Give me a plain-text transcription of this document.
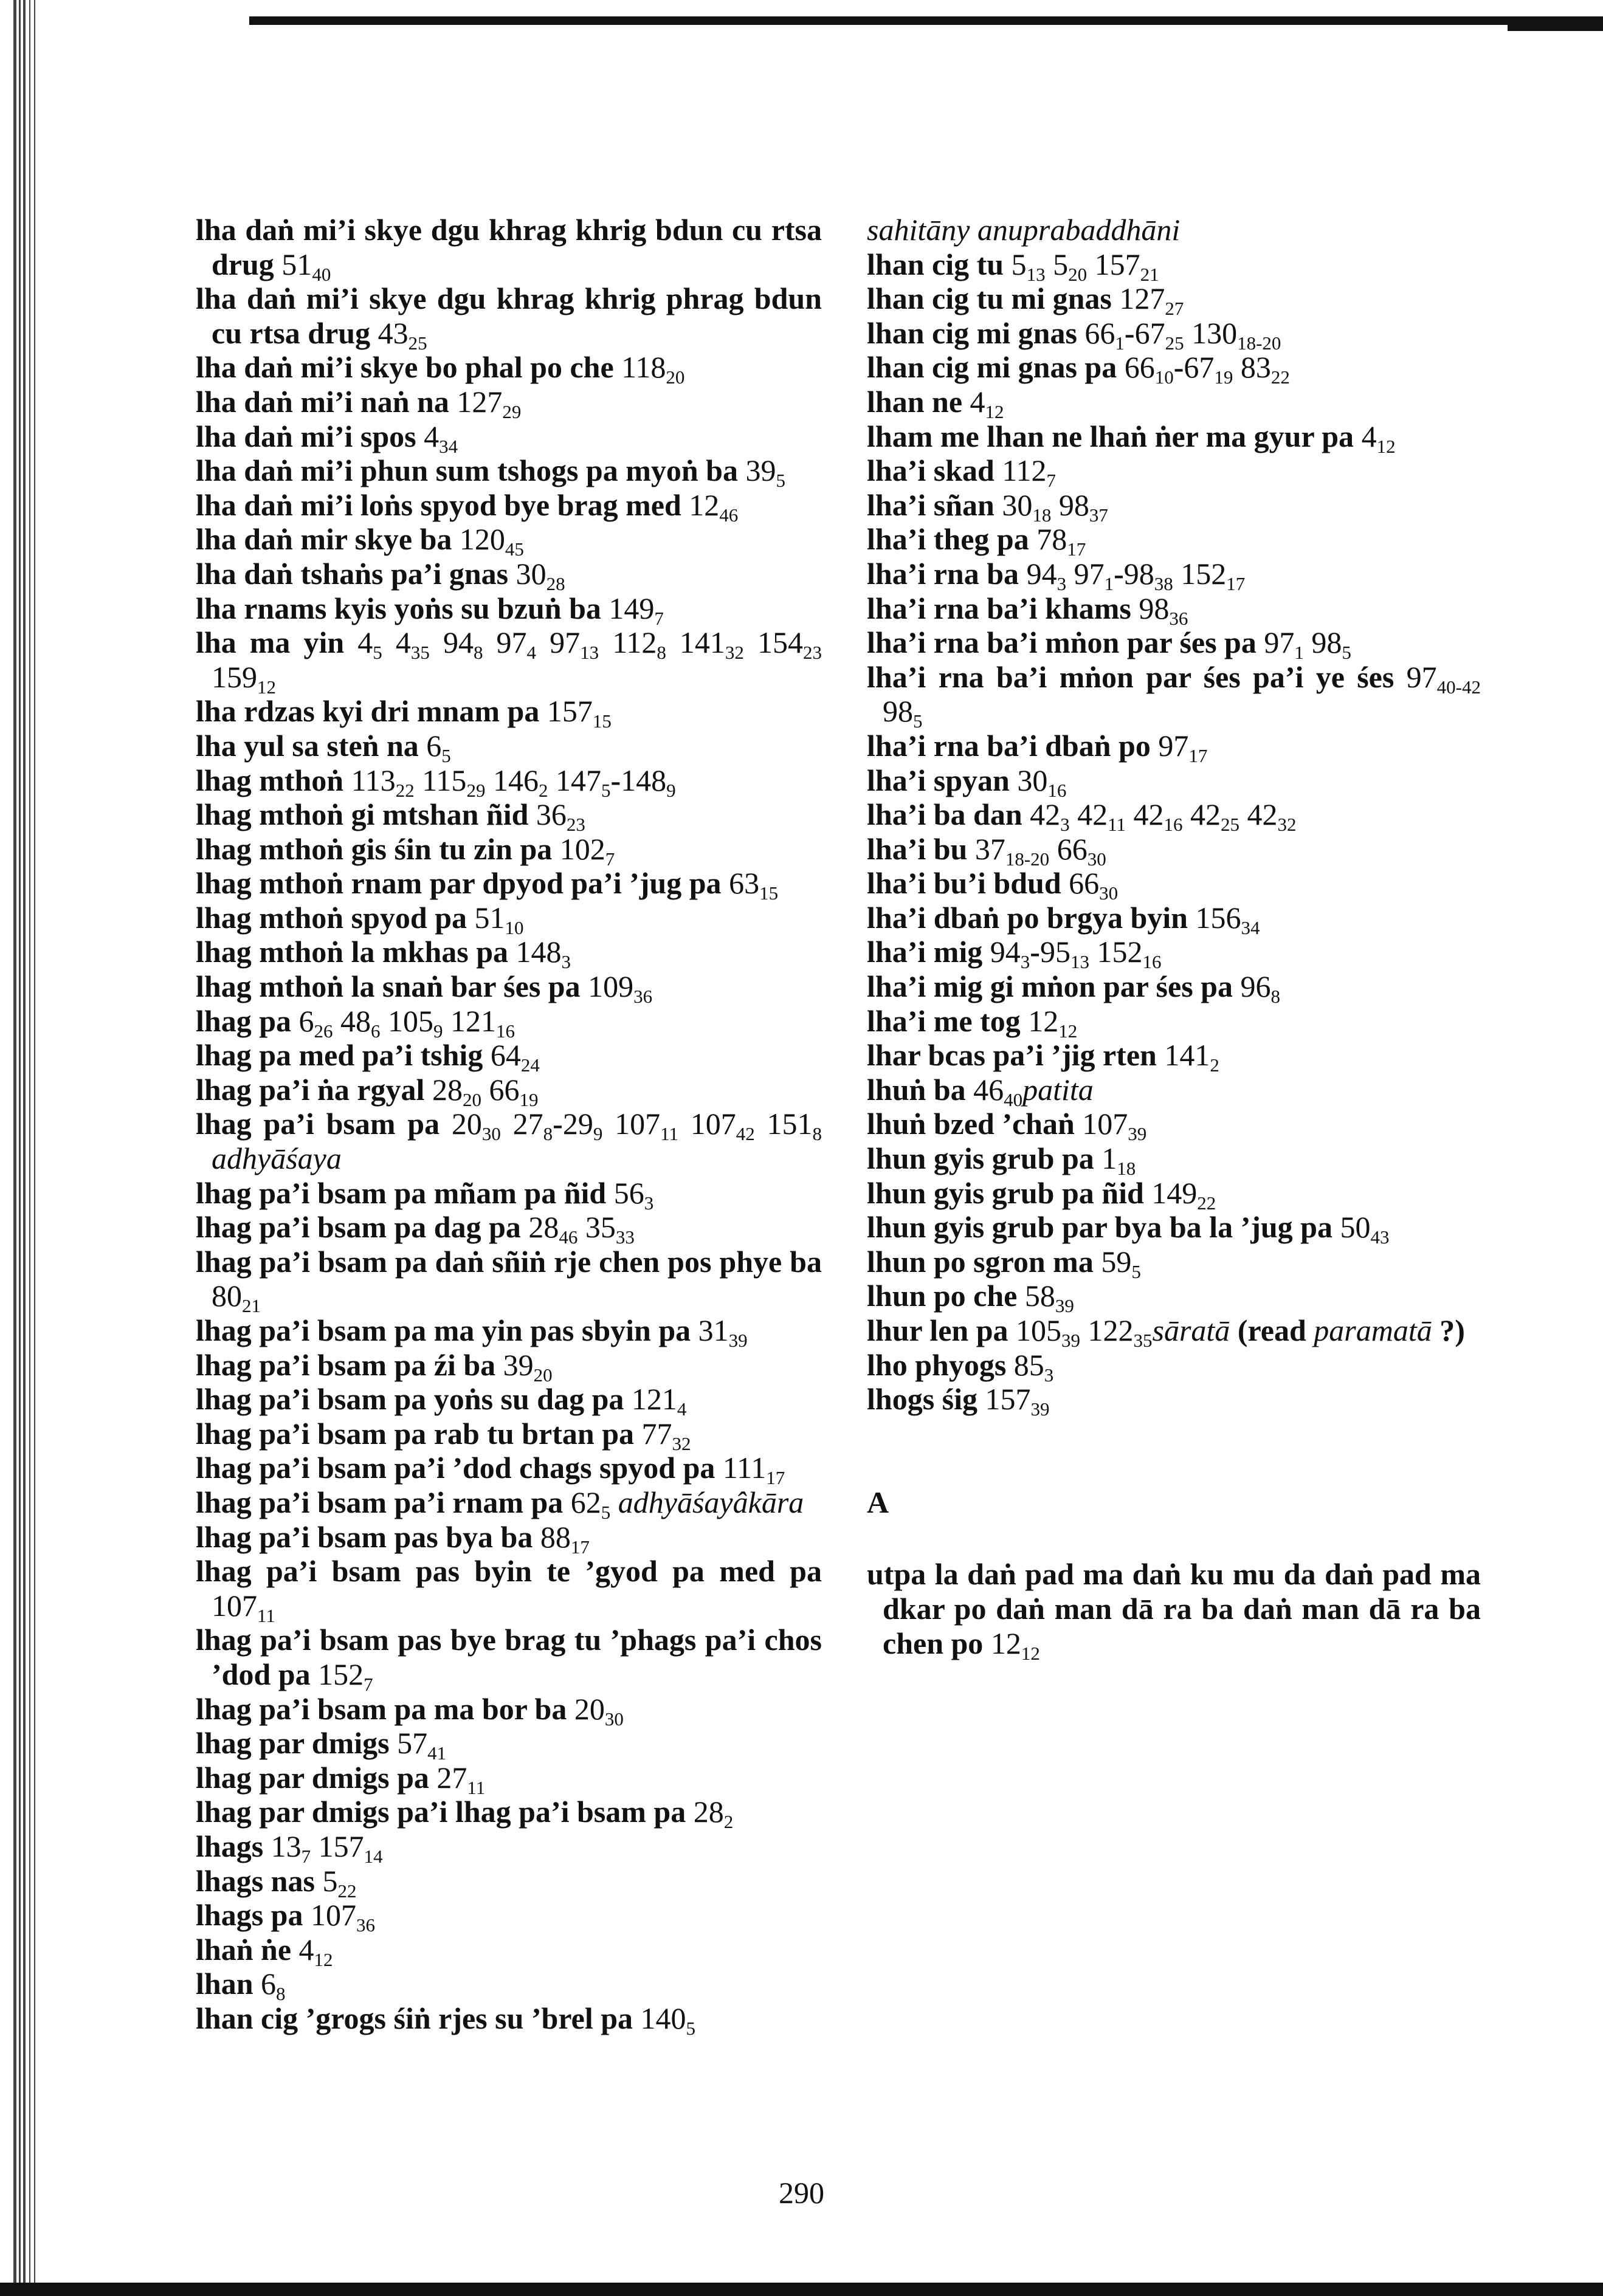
lha daṅ mi’i skye dgu khrag khrig bdun cu rtsa drug $51_{40}$
lha daṅ mi’i skye dgu khrag khrig phrag bdun cu rtsa drug $43_{25}$
lha daṅ mi’i skye bo phal po che $118_{20}$
lha daṅ mi’i naṅ na $127_{29}$
lha daṅ mi’i spos $4_{34}$
lha daṅ mi’i phun sum tshogs pa myoṅ ba $39_5$
lha daṅ mi’i loṅs spyod bye brag med $12_{46}$
lha daṅ mir skye ba $120_{45}$
lha daṅ tshaṅs pa’i gnas $30_{28}$
lha rnams kyis yoṅs su bzuṅ ba $149_7$
lha ma yin $4_5$ $4_{35}$ $94_8$ $97_4$ $97_{13}$ $112_8$ $141_{32}$ $154_{23}$ $159_{12}$
lha rdzas kyi dri mnam pa $157_{15}$
lha yul sa steṅ na $6_5$
lhag mthoṅ $113_{22}$ $115_{29}$ $146_2$ $147_5-148_9$
lhag mthoṅ gi mtshan ñid $36_{23}$
lhag mthoṅ gis śin tu zin pa $102_7$
lhag mthoṅ rnam par dpyod pa’i ’jug pa $63_{15}$
lhag mthoṅ spyod pa $51_{10}$
lhag mthoṅ la mkhas pa $148_3$
lhag mthoṅ la snaṅ bar śes pa $109_{36}$
lhag pa $6_{26}$ $48_6$ $105_9$ $121_{16}$
lhag pa med pa’i tshig $64_{24}$
lhag pa’i ṅa rgyal $28_{20}$ $66_{19}$
lhag pa’i bsam pa $20_{30}$ $27_8-29_9$ $107_{11}$ $107_{42}$ $151_8$ adhyāśaya
lhag pa’i bsam pa mñam pa ñid $56_3$
lhag pa’i bsam pa dag pa $28_{46}$ $35_{33}$
lhag pa’i bsam pa daṅ sñiṅ rje chen pos phye ba $80_{21}$
lhag pa’i bsam pa ma yin pas sbyin pa $31_{39}$
lhag pa’i bsam pa źi ba $39_{20}$
lhag pa’i bsam pa yoṅs su dag pa $121_4$
lhag pa’i bsam pa rab tu brtan pa $77_{32}$
lhag pa’i bsam pa’i ’dod chags spyod pa $111_{17}$
lhag pa’i bsam pa’i rnam pa $62_5$ adhyāśayâkāra
lhag pa’i bsam pas bya ba $88_{17}$
lhag pa’i bsam pas byin te ’gyod pa med pa $107_{11}$
lhag pa’i bsam pas bye brag tu ’phags pa’i chos ’dod pa $152_7$
lhag pa’i bsam pa ma bor ba $20_{30}$
lhag par dmigs $57_{41}$
lhag par dmigs pa $27_{11}$
lhag par dmigs pa’i lhag pa’i bsam pa $28_2$
lhags $13_7$ $157_{14}$
lhags nas $5_{22}$
lhags pa $107_{36}$
lhaṅ ṅe $4_{12}$
lhan $6_8$
lhan cig ’grogs śiṅ rjes su ’brel pa $140_5$
sahitāny anuprabaddhāni
lhan cig tu $5_{13}$ $5_{20}$ $157_{21}$
lhan cig tu mi gnas $127_{27}$
lhan cig mi gnas $66_1-67_{25}$ $130_{18-20}$
lhan cig mi gnas pa $66_{10}-67_{19}$ $83_{22}$
lhan ne $4_{12}$
lham me lhan ne lhaṅ ṅer ma gyur pa $4_{12}$
lha’i skad $112_7$
lha’i sñan $30_{18}$ $98_{37}$
lha’i theg pa $78_{17}$
lha’i rna ba $94_3$ $97_1-98_{38}$ $152_{17}$
lha’i rna ba’i khams $98_{36}$
lha’i rna ba’i mṅon par śes pa $97_1$ $98_5$
lha’i rna ba’i mṅon par śes pa’i ye śes $97_{40-42}$ $98_5$
lha’i rna ba’i dbaṅ po $97_{17}$
lha’i spyan $30_{16}$
lha’i ba dan $42_3$ $42_{11}$ $42_{16}$ $42_{25}$ $42_{32}$
lha’i bu $37_{18-20}$ $66_{30}$
lha’i bu’i bdud $66_{30}$
lha’i dbaṅ po brgya byin $156_{34}$
lha’i mig $94_3-95_{13}$ $152_{16}$
lha’i mig gi mṅon par śes pa $96_8$
lha’i me tog $12_{12}$
lhar bcas pa’i ’jig rten $141_2$
lhuṅ ba $46_{40}patita$
lhuṅ bzed ’chaṅ $107_{39}$
lhun gyis grub pa $1_{18}$
lhun gyis grub pa ñid $149_{22}$
lhun gyis grub par bya ba la ’jug pa $50_{43}$
lhun po sgron ma $59_5$
lhun po che $58_{39}$
lhur len pa $105_{39}$ $122_{35}sāratā$ (read paramatā ?)
lho phyogs $85_3$
lhogs śig $157_{39}$
A
utpa la daṅ pad ma daṅ ku mu da daṅ pad ma dkar po daṅ man dā ra ba daṅ man dā ra ba chen po $12_{12}$
290
